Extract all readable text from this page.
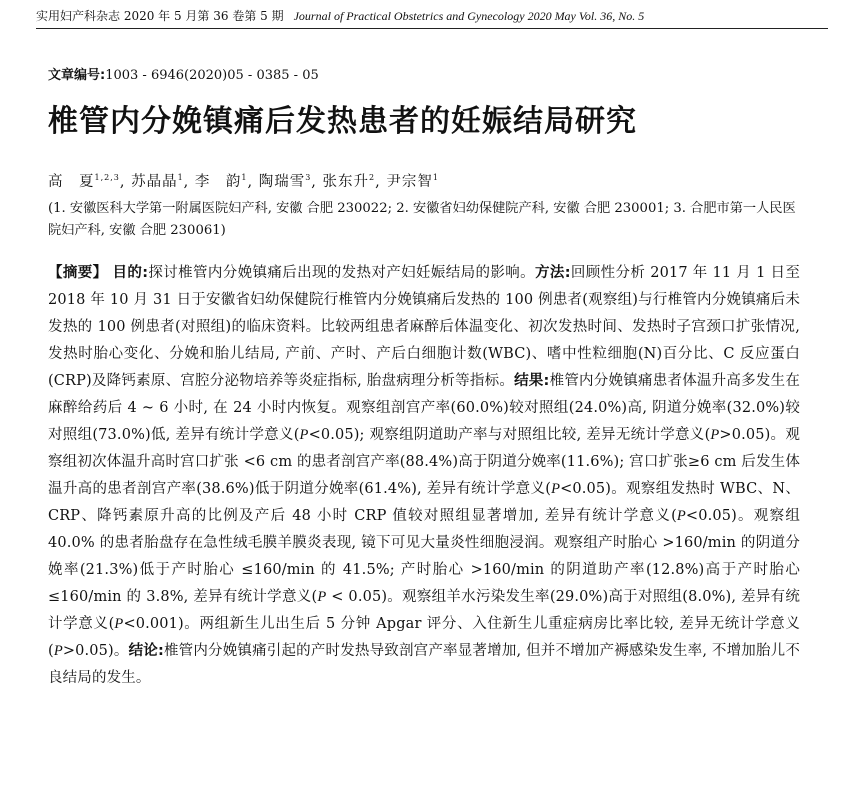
实用妇产科杂志 2020 年 5 月第 36 卷第 5 期 Journal of Practical Obstetrics and Gynecology 2020 May Vol. 36, No. 5
文章编号:1003 - 6946(2020)05 - 0385 - 05
椎管内分娩镇痛后发热患者的妊娠结局研究
高　夏$^{1,2,3}$, 苏晶晶$^1$, 李　韵$^1$, 陶瑞雪$^3$, 张东升$^2$, 尹宗智$^1$
(1. 安徽医科大学第一附属医院妇产科, 安徽 合肥 230022; 2. 安徽省妇幼保健院产科, 安徽 合肥 230001; 3. 合肥市第一人民医院妇产科, 安徽 合肥 230061)
【摘要】 目的:探讨椎管内分娩镇痛后出现的发热对产妇妊娠结局的影响。方法:回顾性分析 2017 年 11 月 1 日至 2018 年 10 月 31 日于安徽省妇幼保健院行椎管内分娩镇痛后发热的 100 例患者(观察组)与行椎管内分娩镇痛后未发热的 100 例患者(对照组)的临床资料。比较两组患者麻醉后体温变化、初次发热时间、发热时子宫颈口扩张情况, 发热时胎心变化、分娩和胎儿结局, 产前、产时、产后白细胞计数(WBC)、嗜中性粒细胞(N)百分比、C 反应蛋白(CRP)及降钙素原、宫腔分泌物培养等炎症指标, 胎盘病理分析等指标。结果:椎管内分娩镇痛患者体温升高多发生在麻醉给药后 4 ~ 6 小时, 在 24 小时内恢复。观察组剖宫产率(60.0%)较对照组(24.0%)高, 阴道分娩率(32.0%)较对照组(73.0%)低, 差异有统计学意义(P<0.05); 观察组阴道助产率与对照组比较, 差异无统计学意义(P>0.05)。观察组初次体温升高时宫口扩张 <6 cm 的患者剖宫产率(88.4%)高于阴道分娩率(11.6%); 宫口扩张≥6 cm 后发生体温升高的患者剖宫产率(38.6%)低于阴道分娩率(61.4%), 差异有统计学意义(P<0.05)。观察组发热时 WBC、N、CRP、降钙素原升高的比例及产后 48 小时 CRP 值较对照组显著增加, 差异有统计学意义(P<0.05)。观察组 40.0% 的患者胎盘存在急性绒毛膜羊膜炎表现, 镜下可见大量炎性细胞浸润。观察组产时胎心 >160/min 的阴道分娩率(21.3%)低于产时胎心 ≤160/min 的 41.5%; 产时胎心 >160/min 的阴道助产率(12.8%)高于产时胎心 ≤160/min 的 3.8%, 差异有统计学意义(P < 0.05)。观察组羊水污染发生率(29.0%)高于对照组(8.0%), 差异有统计学意义(P<0.001)。两组新生儿出生后 5 分钟 Apgar 评分、入住新生儿重症病房比率比较, 差异无统计学意义(P>0.05)。结论:椎管内分娩镇痛引起的产时发热导致剖宫产率显著增加, 但并不增加产褥感染发生率, 不增加胎儿不良结局的发生。
